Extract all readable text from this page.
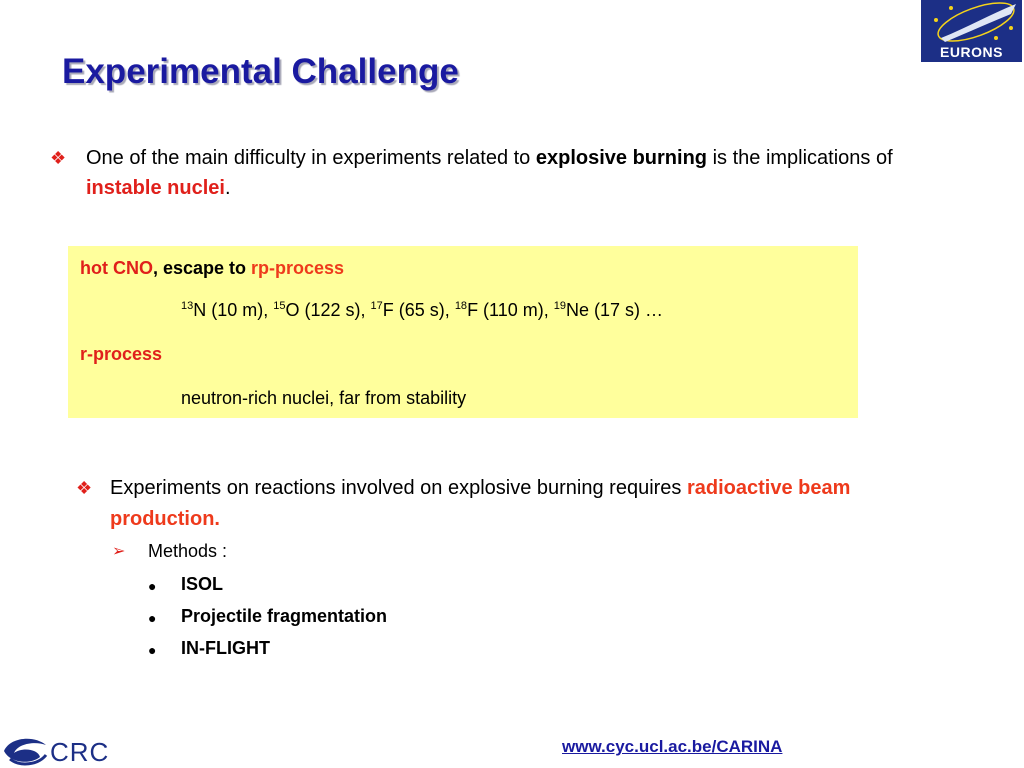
Experimental Challenge	EURONS
❖ One of the main difficulty in experiments related to explosive burning is the implications of instable nuclei.
hot CNO, escape to rp-process
$^{13}$N (10 m), $^{15}$O (122 s), $^{17}$F (65 s), $^{18}$F (110 m), $^{19}$Ne (17 s) …
r-process
neutron-rich nuclei, far from stability
❖ Experiments on reactions involved on explosive burning requires radioactive beam production.
➢ Methods :
● ISOL
● Projectile fragmentation
● IN-FLIGHT
CRC	www.cyc.ucl.ac.be/CARINA
